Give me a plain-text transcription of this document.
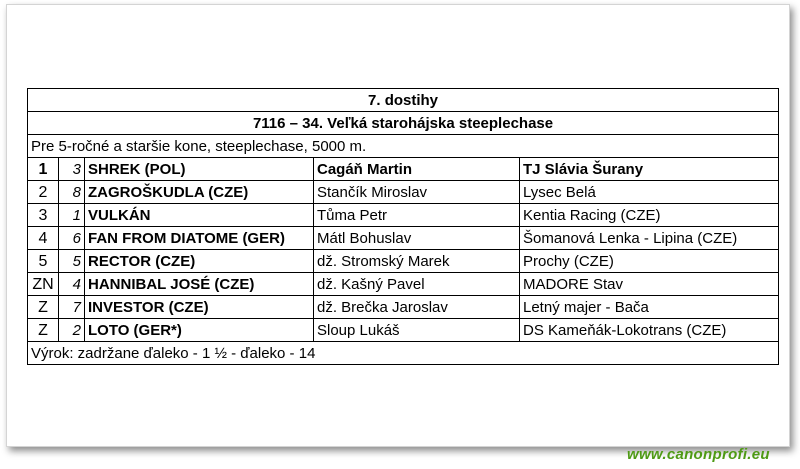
7. dostihy				
7116 – 34. Veľká starohájska steeplechase				
Pre 5-ročné a staršie kone, steeplechase, 5000 m.				
1	3	SHREK (POL)	Cagáň Martin	TJ Slávia Šurany
2	8	ZAGROŠKUDLA (CZE)	Stančík Miroslav	Lysec Belá
3	1	VULKÁN	Tůma Petr	Kentia Racing (CZE)
4	6	FAN FROM DIATOME (GER)	Mátl Bohuslav	Šomanová Lenka - Lipina (CZE)
5	5	RECTOR (CZE)	dž. Stromský Marek	Prochy (CZE)
ZN	4	HANNIBAL JOSÉ (CZE)	dž. Kašný Pavel	MADORE Stav
Z	7	INVESTOR (CZE)	dž. Brečka Jaroslav	Letný majer - Bača
Z	2	LOTO (GER*)	Sloup Lukáš	DS Kameňák-Lokotrans (CZE)
Výrok: zadržane ďaleko - 1 ½ - ďaleko - 14				
www.canonprofi.eu
